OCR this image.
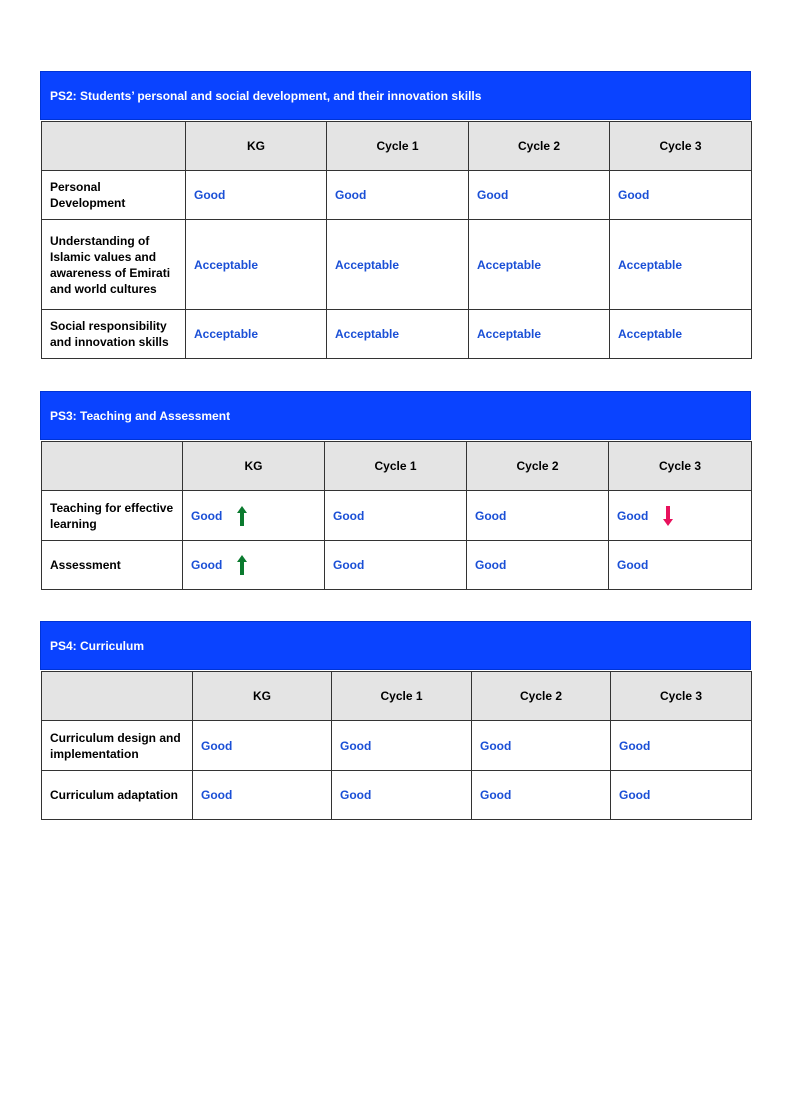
PS2: Students’ personal and social development, and their innovation skills
	KG	Cycle 1	Cycle 2	Cycle 3
Personal Development	Good	Good	Good	Good
Understanding of Islamic values and awareness of Emirati and world cultures	Acceptable	Acceptable	Acceptable	Acceptable
Social responsibility and innovation skills	Acceptable	Acceptable	Acceptable	Acceptable
PS3: Teaching and Assessment
	KG	Cycle 1	Cycle 2	Cycle 3
Teaching for effective learning	Good	Good	Good	Good

Assessment	Good	Good	Good	Good
PS4: Curriculum
	KG	Cycle 1	Cycle 2	Cycle 3
Curriculum design and implementation	Good	Good	Good	Good
Curriculum adaptation	Good	Good	Good	Good
